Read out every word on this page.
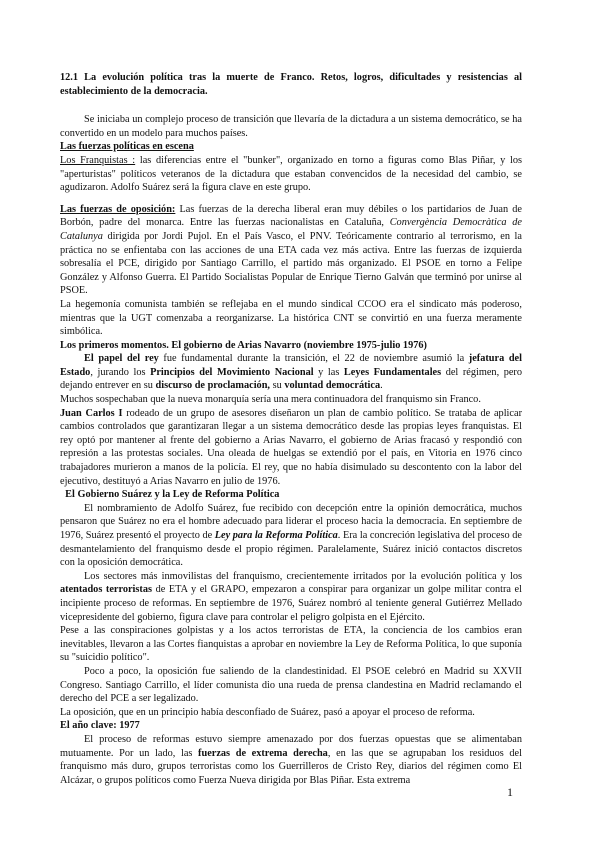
12.1 La evolución política tras la muerte de Franco. Retos, logros, dificultades y resistencias al establecimiento de la democracia.

Se iniciaba un complejo proceso de transición que llevaría de la dictadura a un sistema democrático, se ha convertido en un modelo para muchos países.

Las fuerzas políticas en escena

Los Franquistas : las diferencias entre el "bunker", organizado en torno a figuras como Blas Piñar, y los "aperturistas" políticos veteranos de la dictadura que estaban convencidos de la necesidad del cambio, se agudizaron. Adolfo Suárez será la figura clave en este grupo.

Las fuerzas de oposición: Las fuerzas de la derecha liberal eran muy débiles o los partidarios de Juan de Borbón, padre del monarca. Entre las fuerzas nacionalistas en Cataluña, Convergència Democràtica de Catalunya dirigida por Jordi Pujol. En el País Vasco, el PNV. Teóricamente contrario al terrorismo, en la práctica no se enfientaba con las acciones de una ETA cada vez más activa. Entre las fuerzas de izquierda sobresalía el PCE, dirigido por Santiago Carrillo, el partido más organizado. El PSOE en torno a Felipe González y Alfonso Guerra. El Partido Socialistas Popular de Enrique Tierno Galván que terminó por unirse al PSOE.

La hegemonía comunista también se reflejaba en el mundo sindical CCOO era el sindicato más poderoso, mientras que la UGT comenzaba a reorganizarse. La histórica CNT se convirtió en una fuerza meramente simbólica.

Los primeros momentos. El gobierno de Arias Navarro (noviembre 1975-julio 1976)

El papel del rey fue fundamental durante la transición, el 22 de noviembre asumió la jefatura del Estado, jurando los Principios del Movimiento Nacional y las Leyes Fundamentales del régimen, pero dejando entrever en su discurso de proclamación, su voluntad democrática.

Muchos sospechaban que la nueva monarquía sería una mera continuadora del franquismo sin Franco.

Juan Carlos I rodeado de un grupo de asesores diseñaron un plan de cambio político. Se trataba de aplicar cambios controlados que garantizaran llegar a un sistema democrático desde las propias leyes franquistas. El rey optó por mantener al frente del gobierno a Arias Navarro, el gobierno de Arias fracasó y respondió con represión a las protestas sociales. Una oleada de huelgas se extendió por el país, en Vitoria en 1976 cinco trabajadores murieron a manos de la policía. El rey, que no había disimulado su descontento con la labor del ejecutivo, destituyó a Arias Navarro en julio de 1976.

El Gobierno Suárez y la Ley de Reforma Política

El nombramiento de Adolfo Suárez, fue recibido con decepción entre la opinión democrática, muchos pensaron que Suárez no era el hombre adecuado para liderar el proceso hacia la democracia. En septiembre de 1976, Suárez presentó el proyecto de Ley para la Reforma Política. Era la concreción legislativa del proceso de desmantelamiento del franquismo desde el propio régimen. Paralelamente, Suárez inició contactos discretos con la oposición democrática.

Los sectores más inmovilistas del franquismo, crecientemente irritados por la evolución política y los atentados terroristas de ETA y el GRAPO, empezaron a conspirar para organizar un golpe militar contra el incipiente proceso de reformas. En septiembre de 1976, Suárez nombró al teniente general Gutiérrez Mellado vicepresidente del gobierno, figura clave para controlar el peligro golpista en el Ejército.

Pese a las conspiraciones golpistas y a los actos terroristas de ETA, la conciencia de los cambios eran inevitables, llevaron a las Cortes fianquistas a aprobar en noviembre la Ley de Reforma Política, lo que suponía su "suicidio político".

Poco a poco, la oposición fue saliendo de la clandestinidad. El PSOE celebró en Madrid su XXVII Congreso. Santiago Carrillo, el líder comunista dio una rueda de prensa clandestina en Madrid reclamando el derecho del PCE a ser legalizado.

La oposición, que en un principio había desconfiado de Suárez, pasó a apoyar el proceso de reforma.

El año clave: 1977

El proceso de reformas estuvo siempre amenazado por dos fuerzas opuestas que se alimentaban mutuamente. Por un lado, las fuerzas de extrema derecha, en las que se agrupaban los residuos del franquismo más duro, grupos terroristas como los Guerrilleros de Cristo Rey, diarios del régimen como El Alcázar, o grupos políticos como Fuerza Nueva dirigida por Blas Piñar. Esta extrema

1
